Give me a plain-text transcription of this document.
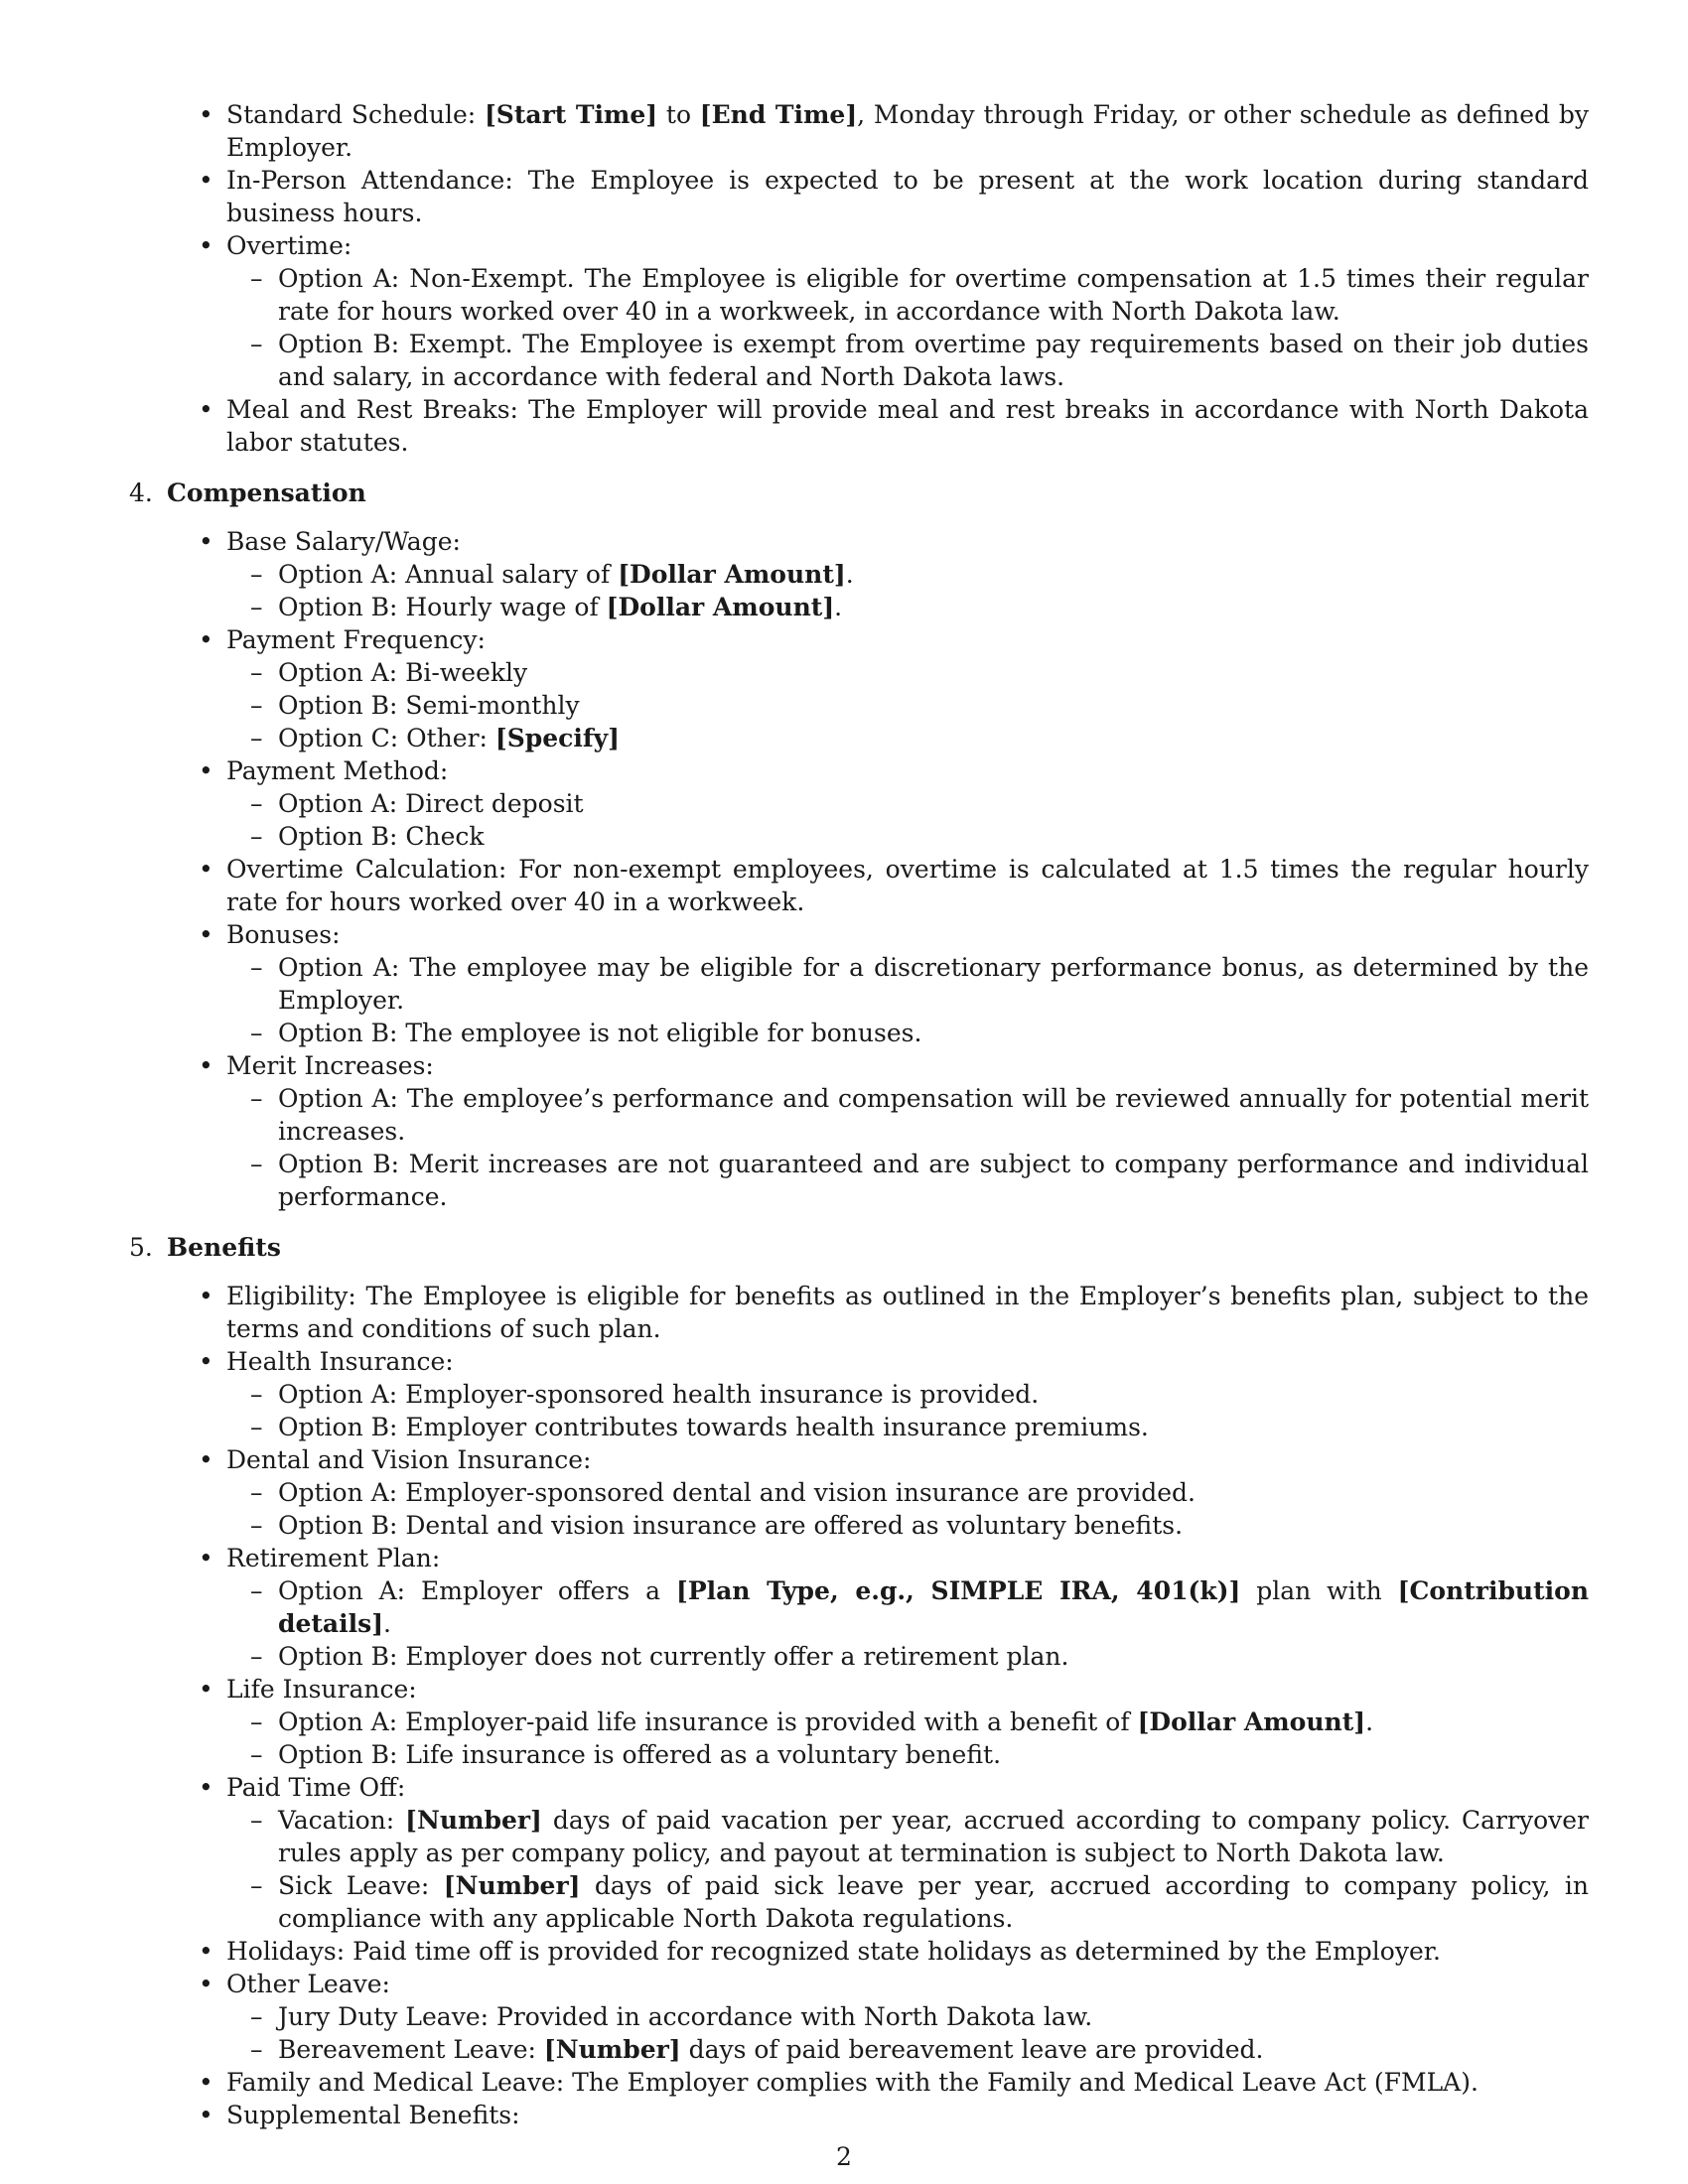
• Standard Schedule: [Start Time] to [End Time], Monday through Friday, or other schedule as defined by Employer.
• In-Person Attendance: The Employee is expected to be present at the work location during standard business hours.
• Overtime:
– Option A: Non-Exempt. The Employee is eligible for overtime compensation at 1.5 times their regular rate for hours worked over 40 in a workweek, in accordance with North Dakota law.
– Option B: Exempt. The Employee is exempt from overtime pay requirements based on their job duties and salary, in accordance with federal and North Dakota laws.
• Meal and Rest Breaks: The Employer will provide meal and rest breaks in accordance with North Dakota labor statutes.
4. Compensation
• Base Salary/Wage:
– Option A: Annual salary of [Dollar Amount].
– Option B: Hourly wage of [Dollar Amount].
• Payment Frequency:
– Option A: Bi-weekly
– Option B: Semi-monthly
– Option C: Other: [Specify]
• Payment Method:
– Option A: Direct deposit
– Option B: Check
• Overtime Calculation: For non-exempt employees, overtime is calculated at 1.5 times the regular hourly rate for hours worked over 40 in a workweek.
• Bonuses:
– Option A: The employee may be eligible for a discretionary performance bonus, as determined by the Employer.
– Option B: The employee is not eligible for bonuses.
• Merit Increases:
– Option A: The employee’s performance and compensation will be reviewed annually for potential merit increases.
– Option B: Merit increases are not guaranteed and are subject to company performance and individual performance.
5. Benefits
• Eligibility: The Employee is eligible for benefits as outlined in the Employer’s benefits plan, subject to the terms and conditions of such plan.
• Health Insurance:
– Option A: Employer-sponsored health insurance is provided.
– Option B: Employer contributes towards health insurance premiums.
• Dental and Vision Insurance:
– Option A: Employer-sponsored dental and vision insurance are provided.
– Option B: Dental and vision insurance are offered as voluntary benefits.
• Retirement Plan:
– Option A: Employer offers a [Plan Type, e.g., SIMPLE IRA, 401(k)] plan with [Contribution details].
– Option B: Employer does not currently offer a retirement plan.
• Life Insurance:
– Option A: Employer-paid life insurance is provided with a benefit of [Dollar Amount].
– Option B: Life insurance is offered as a voluntary benefit.
• Paid Time Off:
– Vacation: [Number] days of paid vacation per year, accrued according to company policy. Carryover rules apply as per company policy, and payout at termination is subject to North Dakota law.
– Sick Leave: [Number] days of paid sick leave per year, accrued according to company policy, in compliance with any applicable North Dakota regulations.
• Holidays: Paid time off is provided for recognized state holidays as determined by the Employer.
• Other Leave:
– Jury Duty Leave: Provided in accordance with North Dakota law.
– Bereavement Leave: [Number] days of paid bereavement leave are provided.
• Family and Medical Leave: The Employer complies with the Family and Medical Leave Act (FMLA).
• Supplemental Benefits:
2
